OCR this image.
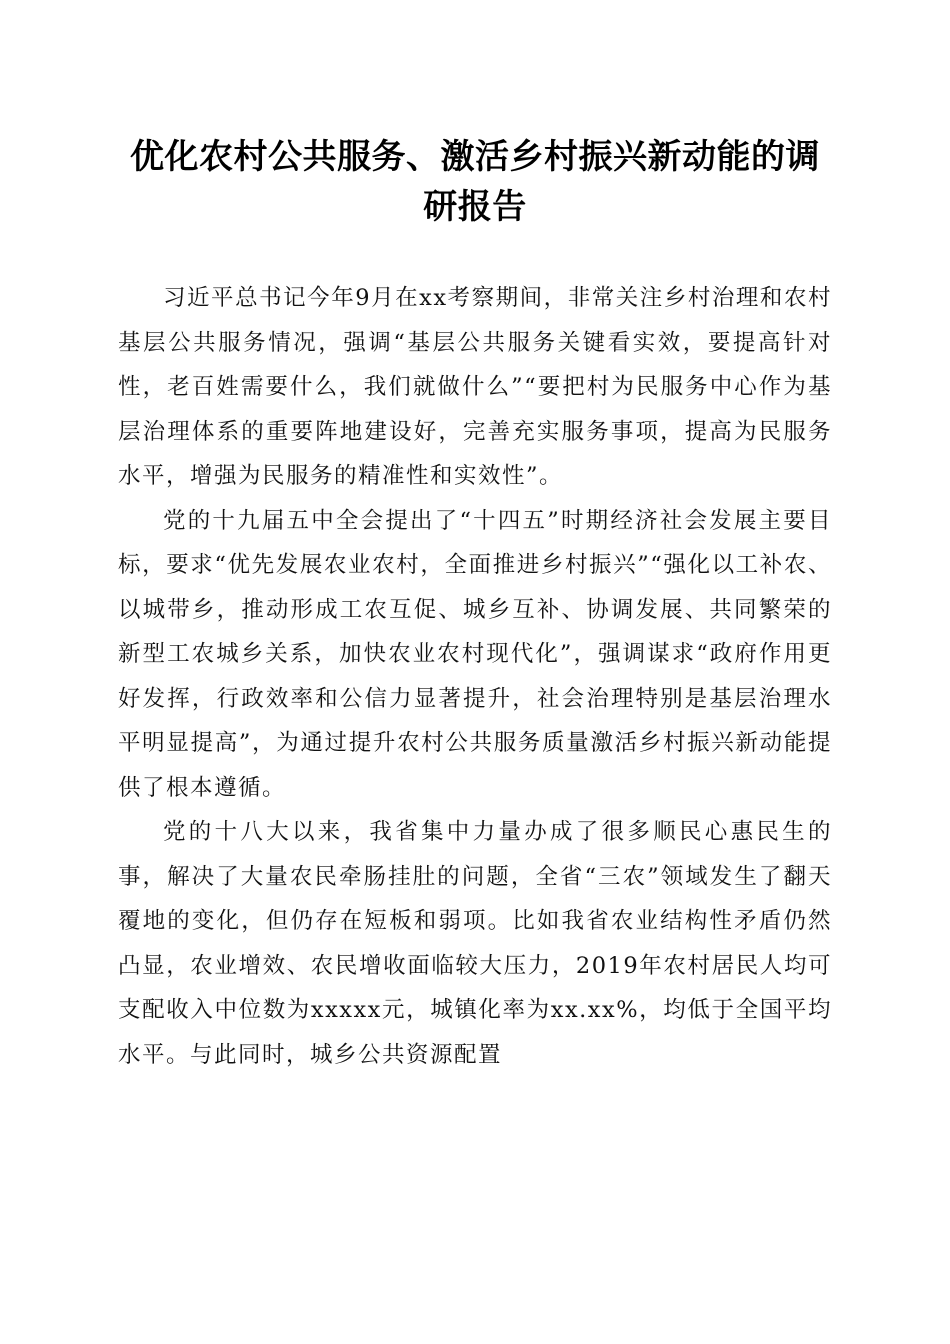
优化农村公共服务、激活乡村振兴新动能的调研报告

习近平总书记今年9月在xx考察期间，非常关注乡村治理和农村基层公共服务情况，强调“基层公共服务关键看实效，要提高针对性，老百姓需要什么，我们就做什么”“要把村为民服务中心作为基层治理体系的重要阵地建设好，完善充实服务事项，提高为民服务水平，增强为民服务的精准性和实效性”。

党的十九届五中全会提出了“十四五”时期经济社会发展主要目标，要求“优先发展农业农村，全面推进乡村振兴”“强化以工补农、以城带乡，推动形成工农互促、城乡互补、协调发展、共同繁荣的新型工农城乡关系，加快农业农村现代化”，强调谋求“政府作用更好发挥，行政效率和公信力显著提升，社会治理特别是基层治理水平明显提高”，为通过提升农村公共服务质量激活乡村振兴新动能提供了根本遵循。

党的十八大以来，我省集中力量办成了很多顺民心惠民生的事，解决了大量农民牵肠挂肚的问题，全省“三农”领域发生了翻天覆地的变化，但仍存在短板和弱项。比如我省农业结构性矛盾仍然凸显，农业增效、农民增收面临较大压力，2019年农村居民人均可支配收入中位数为xxxxx元，城镇化率为xx.xx%，均低于全国平均水平。与此同时，城乡公共资源配置
